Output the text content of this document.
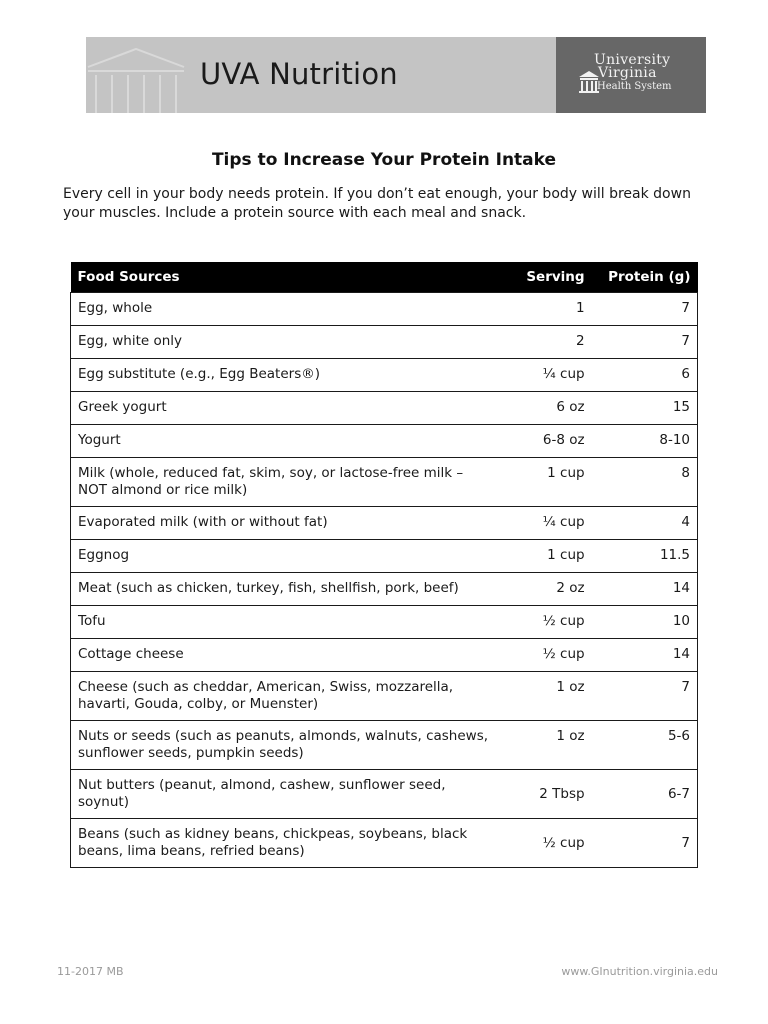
UVA Nutrition	University
Virginia
Health System
Tips to Increase Your Protein Intake
Every cell in your body needs protein. If you don’t eat enough, your body will break down your muscles. Include a protein source with each meal and snack.
Food Sources	Serving	Protein (g)
Egg, whole	1	7
Egg, white only	2	7
Egg substitute (e.g., Egg Beaters®)	¼ cup	6
Greek yogurt	6 oz	15
Yogurt	6-8 oz	8-10
Milk (whole, reduced fat, skim, soy, or lactose-free milk – NOT almond or rice milk)	1 cup	8
Evaporated milk (with or without fat)	¼ cup	4
Eggnog	1 cup	11.5
Meat (such as chicken, turkey, fish, shellfish, pork, beef)	2 oz	14
Tofu	½ cup	10
Cottage cheese	½ cup	14
Cheese (such as cheddar, American, Swiss, mozzarella, havarti, Gouda, colby, or Muenster)	1 oz	7
Nuts or seeds (such as peanuts, almonds, walnuts, cashews, sunflower seeds, pumpkin seeds)	1 oz	5-6
Nut butters (peanut, almond, cashew, sunflower seed, soynut)	2 Tbsp	6-7
Beans (such as kidney beans, chickpeas, soybeans, black beans, lima beans, refried beans)	½ cup	7
11-2017 MB	www.GInutrition.virginia.edu
